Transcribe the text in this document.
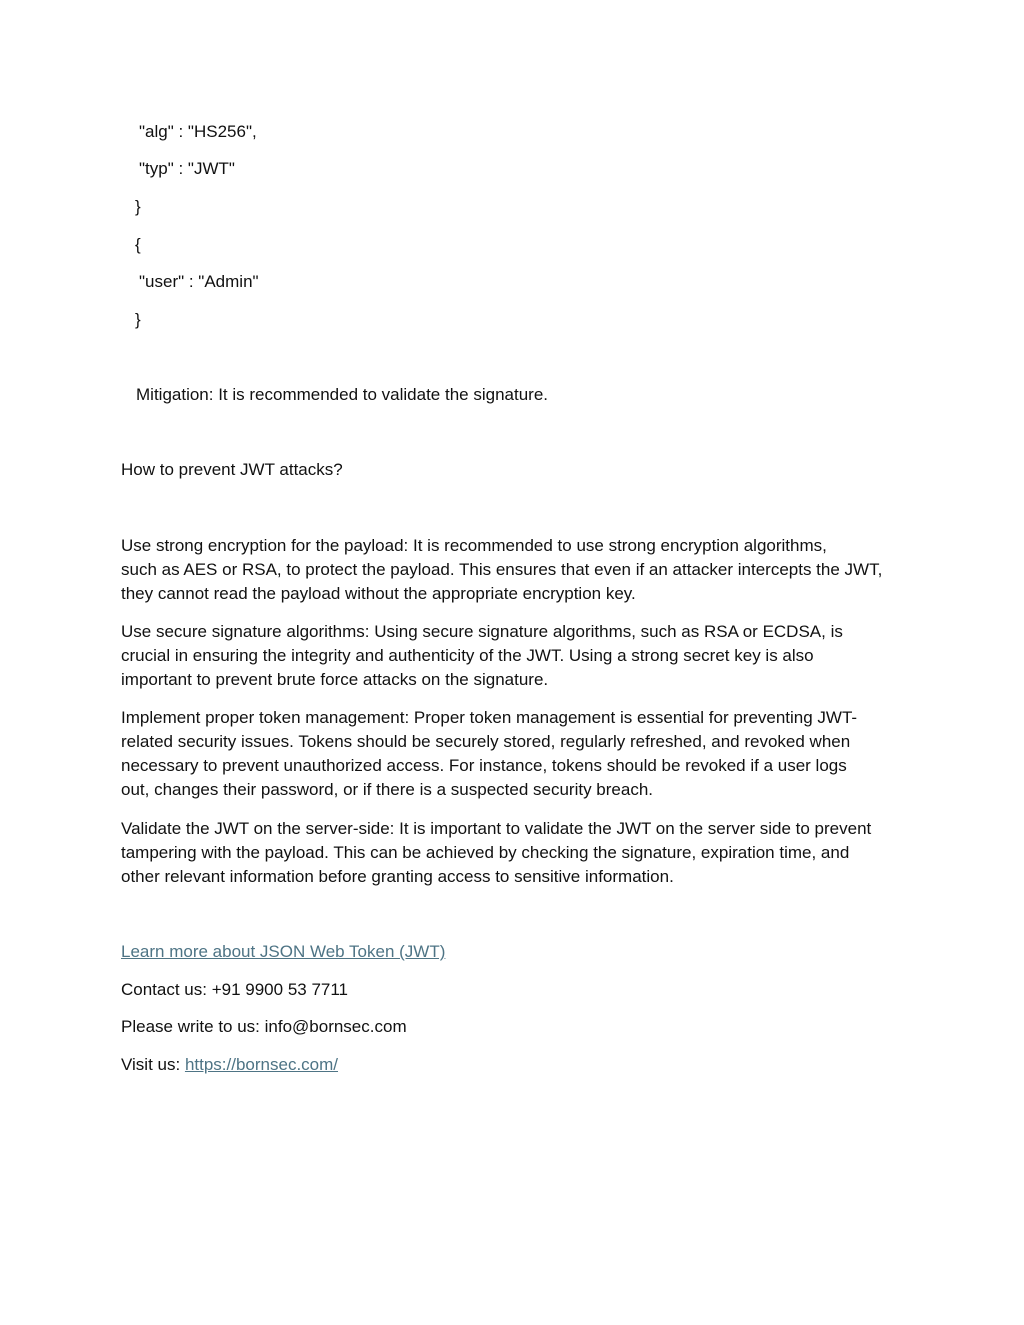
"alg" : "HS256",
"typ" : "JWT"
}
{
"user" : "Admin"
}
Mitigation: It is recommended to validate the signature.
How to prevent JWT attacks?
Use strong encryption for the payload: It is recommended to use strong encryption algorithms,
such as AES or RSA, to protect the payload. This ensures that even if an attacker intercepts the JWT,
they cannot read the payload without the appropriate encryption key.
Use secure signature algorithms: Using secure signature algorithms, such as RSA or ECDSA, is
crucial in ensuring the integrity and authenticity of the JWT. Using a strong secret key is also
important to prevent brute force attacks on the signature.
Implement proper token management: Proper token management is essential for preventing JWT-
related security issues. Tokens should be securely stored, regularly refreshed, and revoked when
necessary to prevent unauthorized access. For instance, tokens should be revoked if a user logs
out, changes their password, or if there is a suspected security breach.
Validate the JWT on the server-side: It is important to validate the JWT on the server side to prevent
tampering with the payload. This can be achieved by checking the signature, expiration time, and
other relevant information before granting access to sensitive information.
Learn more about JSON Web Token (JWT)
Contact us: +91 9900 53 7711
Please write to us: info@bornsec.com
Visit us: https://bornsec.com/
